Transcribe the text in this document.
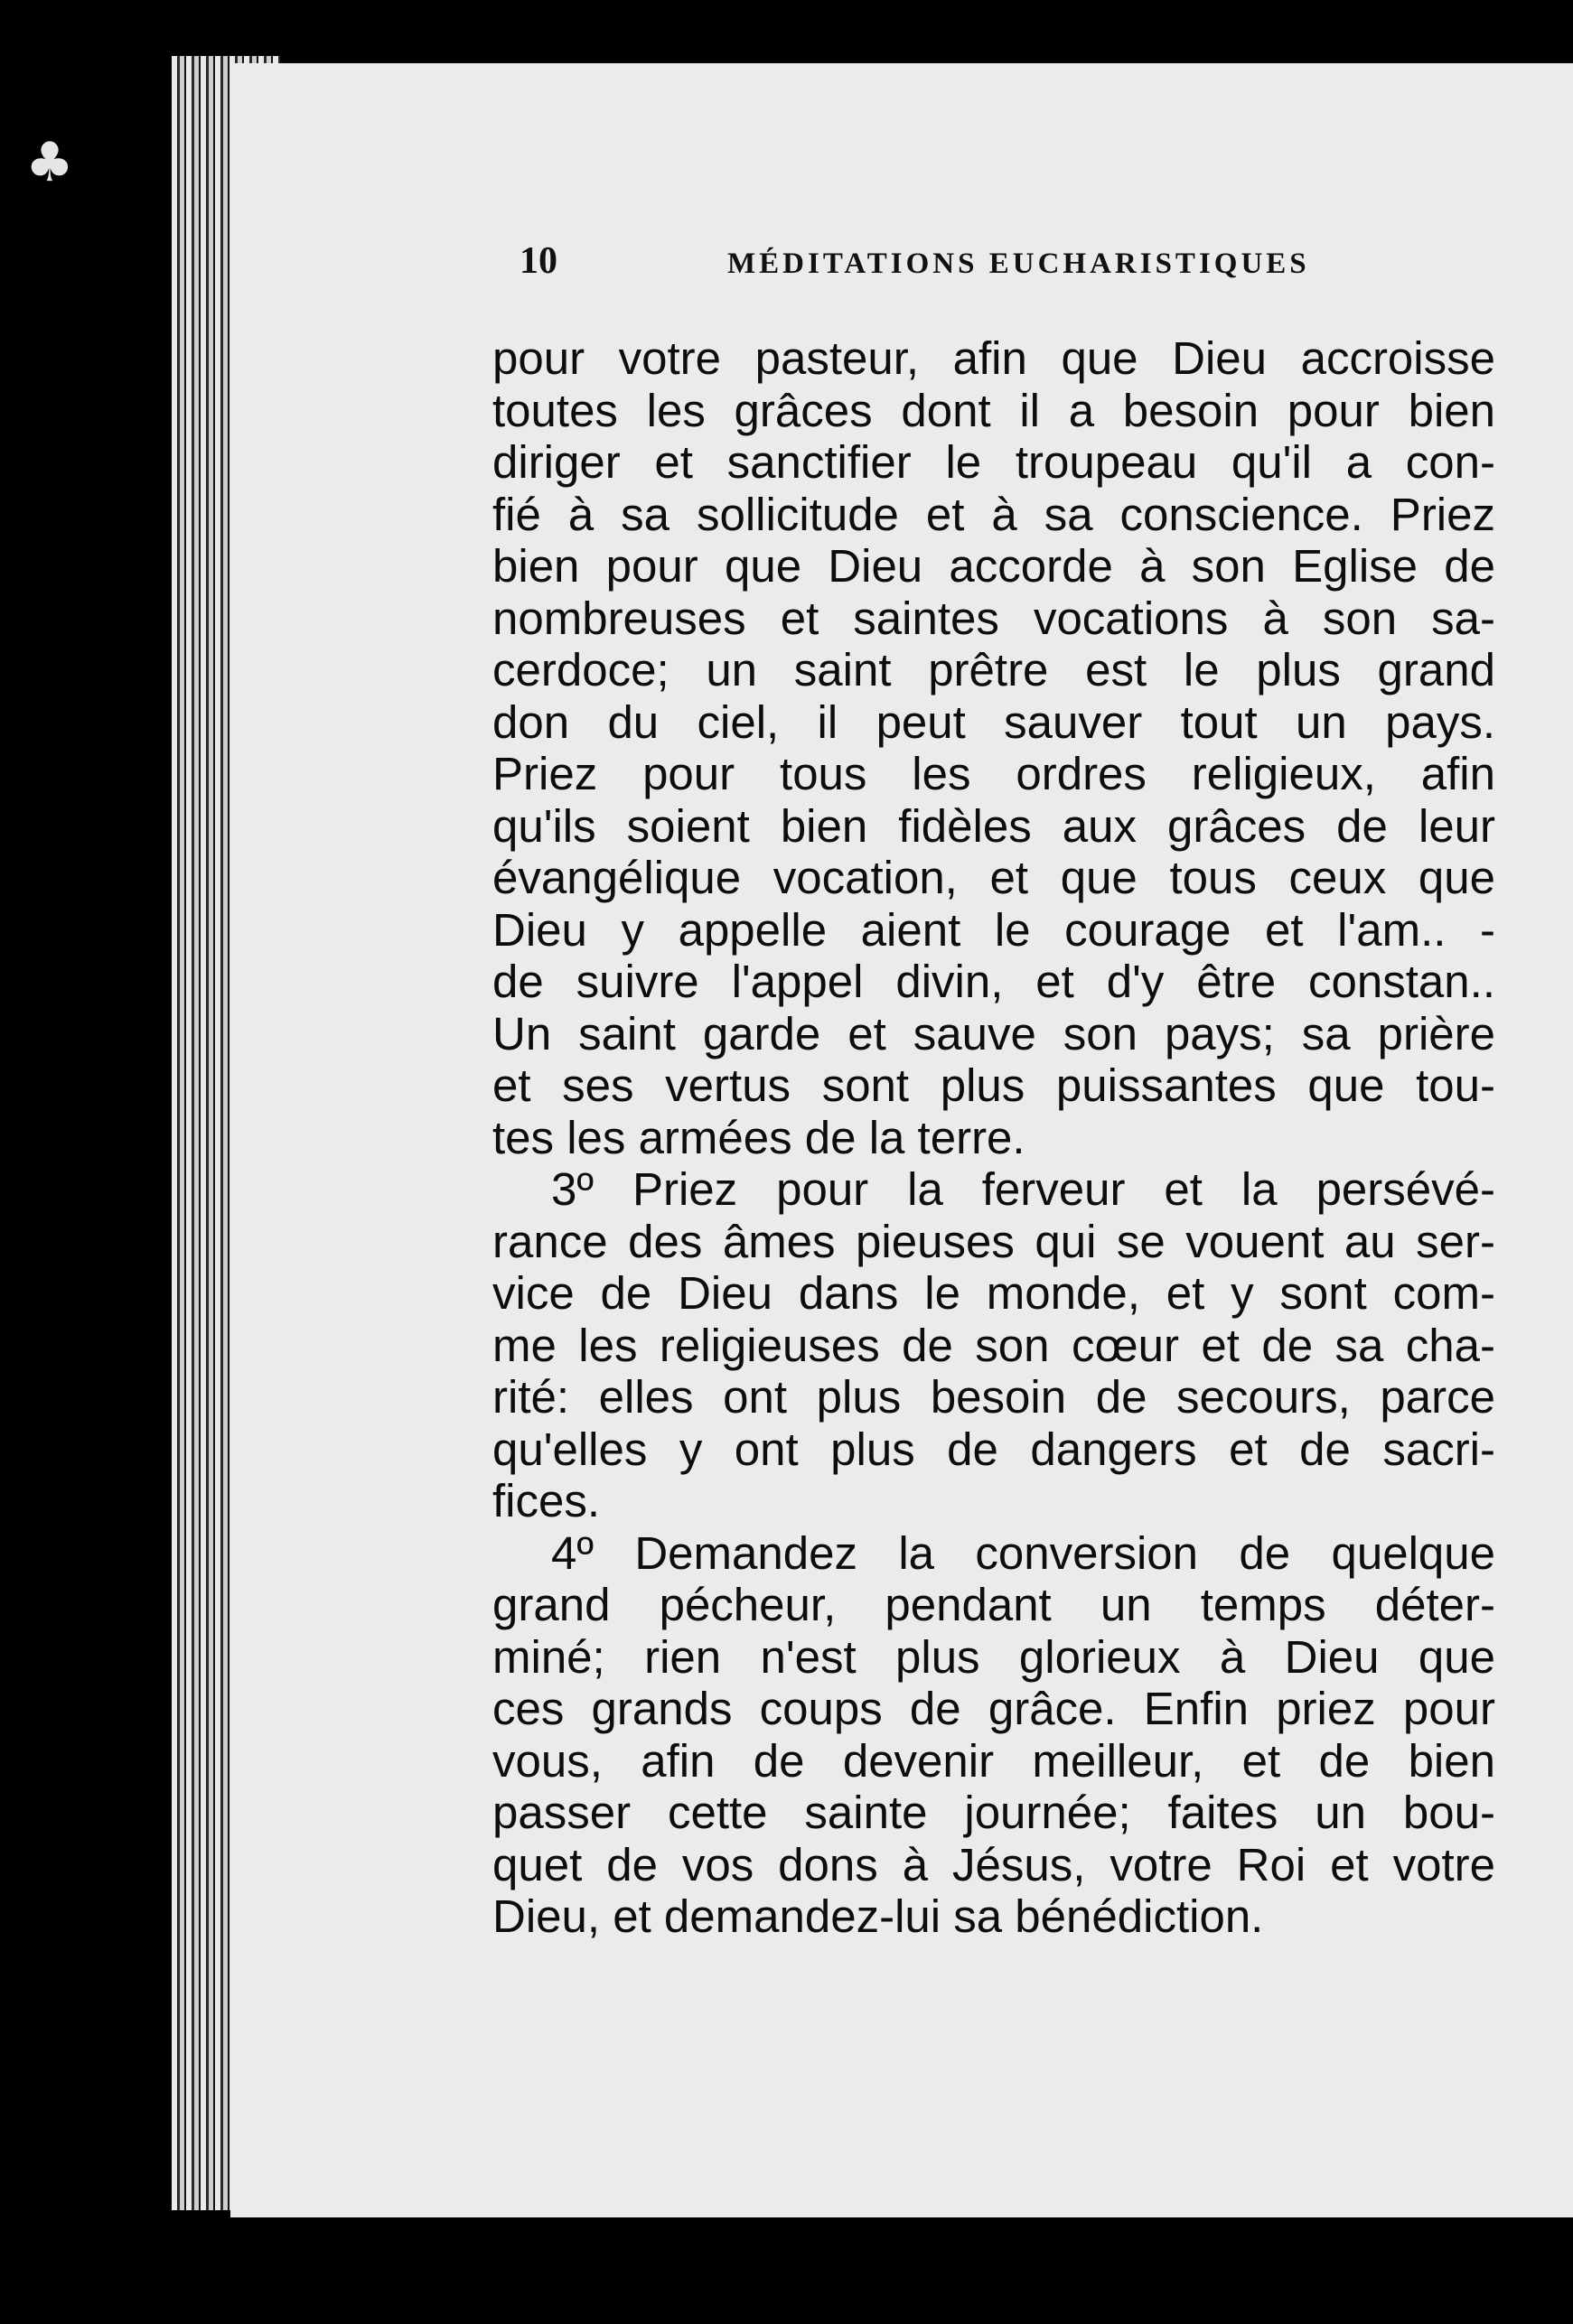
♣
10	MÉDITATIONS EUCHARISTIQUES
pour votre pasteur, afin que Dieu accroisse
toutes les grâces dont il a besoin pour bien
diriger et sanctifier le troupeau qu'il a con-
fié à sa sollicitude et à sa conscience. Priez
bien pour que Dieu accorde à son Eglise de
nombreuses et saintes vocations à son sa-
cerdoce; un saint prêtre est le plus grand
don du ciel, il peut sauver tout un pays.
Priez pour tous les ordres religieux, afin
qu'ils soient bien fidèles aux grâces de leur
évangélique vocation, et que tous ceux que
Dieu y appelle aient le courage et l'am.. -
de suivre l'appel divin, et d'y être constan..
Un saint garde et sauve son pays; sa prière
et ses vertus sont plus puissantes que tou-
tes les armées de la terre.
3º Priez pour la ferveur et la persévé-
rance des âmes pieuses qui se vouent au ser-
vice de Dieu dans le monde, et y sont com-
me les religieuses de son cœur et de sa cha-
rité: elles ont plus besoin de secours, parce
qu'elles y ont plus de dangers et de sacri-
fices.
4º Demandez la conversion de quelque
grand pécheur, pendant un temps déter-
miné; rien n'est plus glorieux à Dieu que
ces grands coups de grâce. Enfin priez pour
vous, afin de devenir meilleur, et de bien
passer cette sainte journée; faites un bou-
quet de vos dons à Jésus, votre Roi et votre
Dieu, et demandez-lui sa bénédiction.
